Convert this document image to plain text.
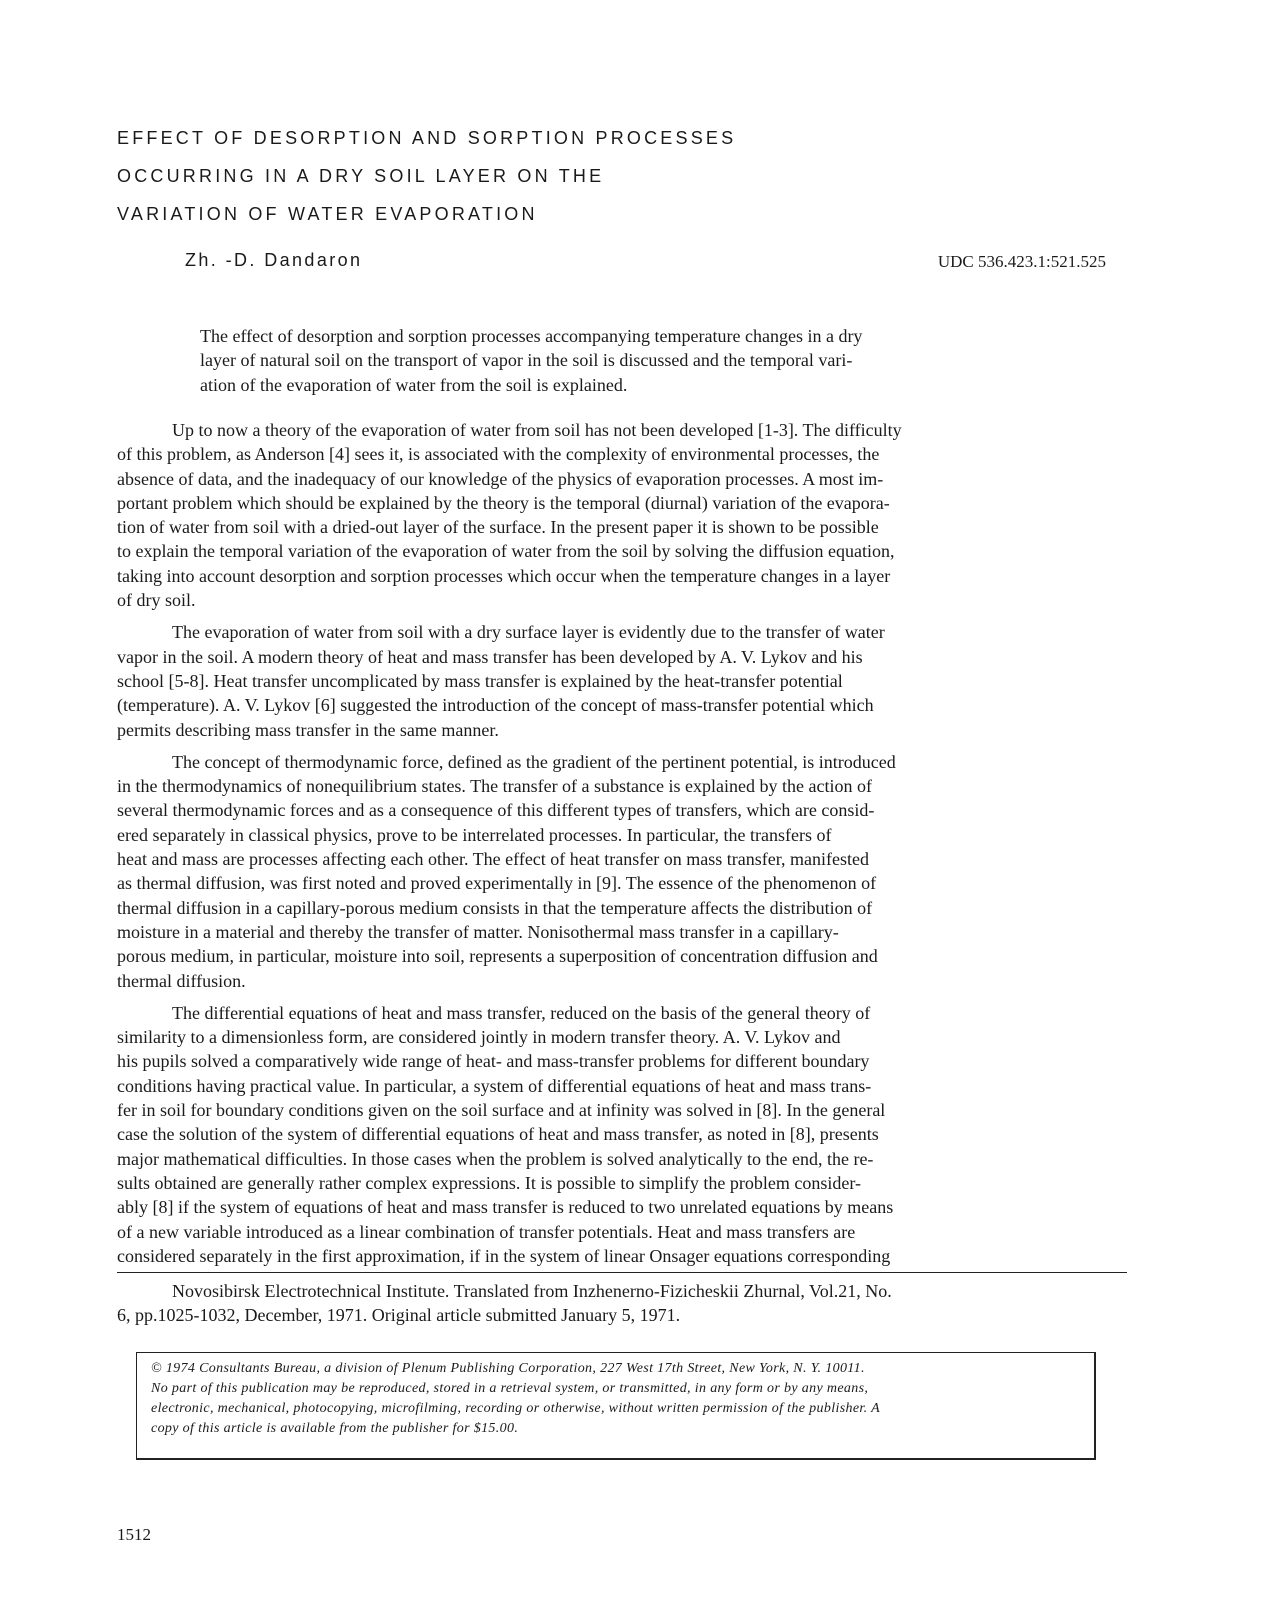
EFFECT OF DESORPTION AND SORPTION PROCESSES
OCCURRING IN A DRY SOIL LAYER ON THE
VARIATION OF WATER EVAPORATION
Zh. -D. Dandaron	UDC 536.423.1:521.525
The effect of desorption and sorption processes accompanying temperature changes in a dry
layer of natural soil on the transport of vapor in the soil is discussed and the temporal vari-
ation of the evaporation of water from the soil is explained.
Up to now a theory of the evaporation of water from soil has not been developed [1-3]. The difficulty
of this problem, as Anderson [4] sees it, is associated with the complexity of environmental processes, the
absence of data, and the inadequacy of our knowledge of the physics of evaporation processes. A most im-
portant problem which should be explained by the theory is the temporal (diurnal) variation of the evapora-
tion of water from soil with a dried-out layer of the surface. In the present paper it is shown to be possible
to explain the temporal variation of the evaporation of water from the soil by solving the diffusion equation,
taking into account desorption and sorption processes which occur when the temperature changes in a layer
of dry soil.
The evaporation of water from soil with a dry surface layer is evidently due to the transfer of water
vapor in the soil. A modern theory of heat and mass transfer has been developed by A. V. Lykov and his
school [5-8]. Heat transfer uncomplicated by mass transfer is explained by the heat-transfer potential
(temperature). A. V. Lykov [6] suggested the introduction of the concept of mass-transfer potential which
permits describing mass transfer in the same manner.
The concept of thermodynamic force, defined as the gradient of the pertinent potential, is introduced
in the thermodynamics of nonequilibrium states. The transfer of a substance is explained by the action of
several thermodynamic forces and as a consequence of this different types of transfers, which are consid-
ered separately in classical physics, prove to be interrelated processes. In particular, the transfers of
heat and mass are processes affecting each other. The effect of heat transfer on mass transfer, manifested
as thermal diffusion, was first noted and proved experimentally in [9]. The essence of the phenomenon of
thermal diffusion in a capillary-porous medium consists in that the temperature affects the distribution of
moisture in a material and thereby the transfer of matter. Nonisothermal mass transfer in a capillary-
porous medium, in particular, moisture into soil, represents a superposition of concentration diffusion and
thermal diffusion.
The differential equations of heat and mass transfer, reduced on the basis of the general theory of
similarity to a dimensionless form, are considered jointly in modern transfer theory. A. V. Lykov and
his pupils solved a comparatively wide range of heat- and mass-transfer problems for different boundary
conditions having practical value. In particular, a system of differential equations of heat and mass trans-
fer in soil for boundary conditions given on the soil surface and at infinity was solved in [8]. In the general
case the solution of the system of differential equations of heat and mass transfer, as noted in [8], presents
major mathematical difficulties. In those cases when the problem is solved analytically to the end, the re-
sults obtained are generally rather complex expressions. It is possible to simplify the problem consider-
ably [8] if the system of equations of heat and mass transfer is reduced to two unrelated equations by means
of a new variable introduced as a linear combination of transfer potentials. Heat and mass transfers are
considered separately in the first approximation, if in the system of linear Onsager equations corresponding
Novosibirsk Electrotechnical Institute. Translated from Inzhenerno-Fizicheskii Zhurnal, Vol.21, No.
6, pp.1025-1032, December, 1971. Original article submitted January 5, 1971.
© 1974 Consultants Bureau, a division of Plenum Publishing Corporation, 227 West 17th Street, New York, N. Y. 10011.
No part of this publication may be reproduced, stored in a retrieval system, or transmitted, in any form or by any means,
electronic, mechanical, photocopying, microfilming, recording or otherwise, without written permission of the publisher. A
copy of this article is available from the publisher for $15.00.
1512
